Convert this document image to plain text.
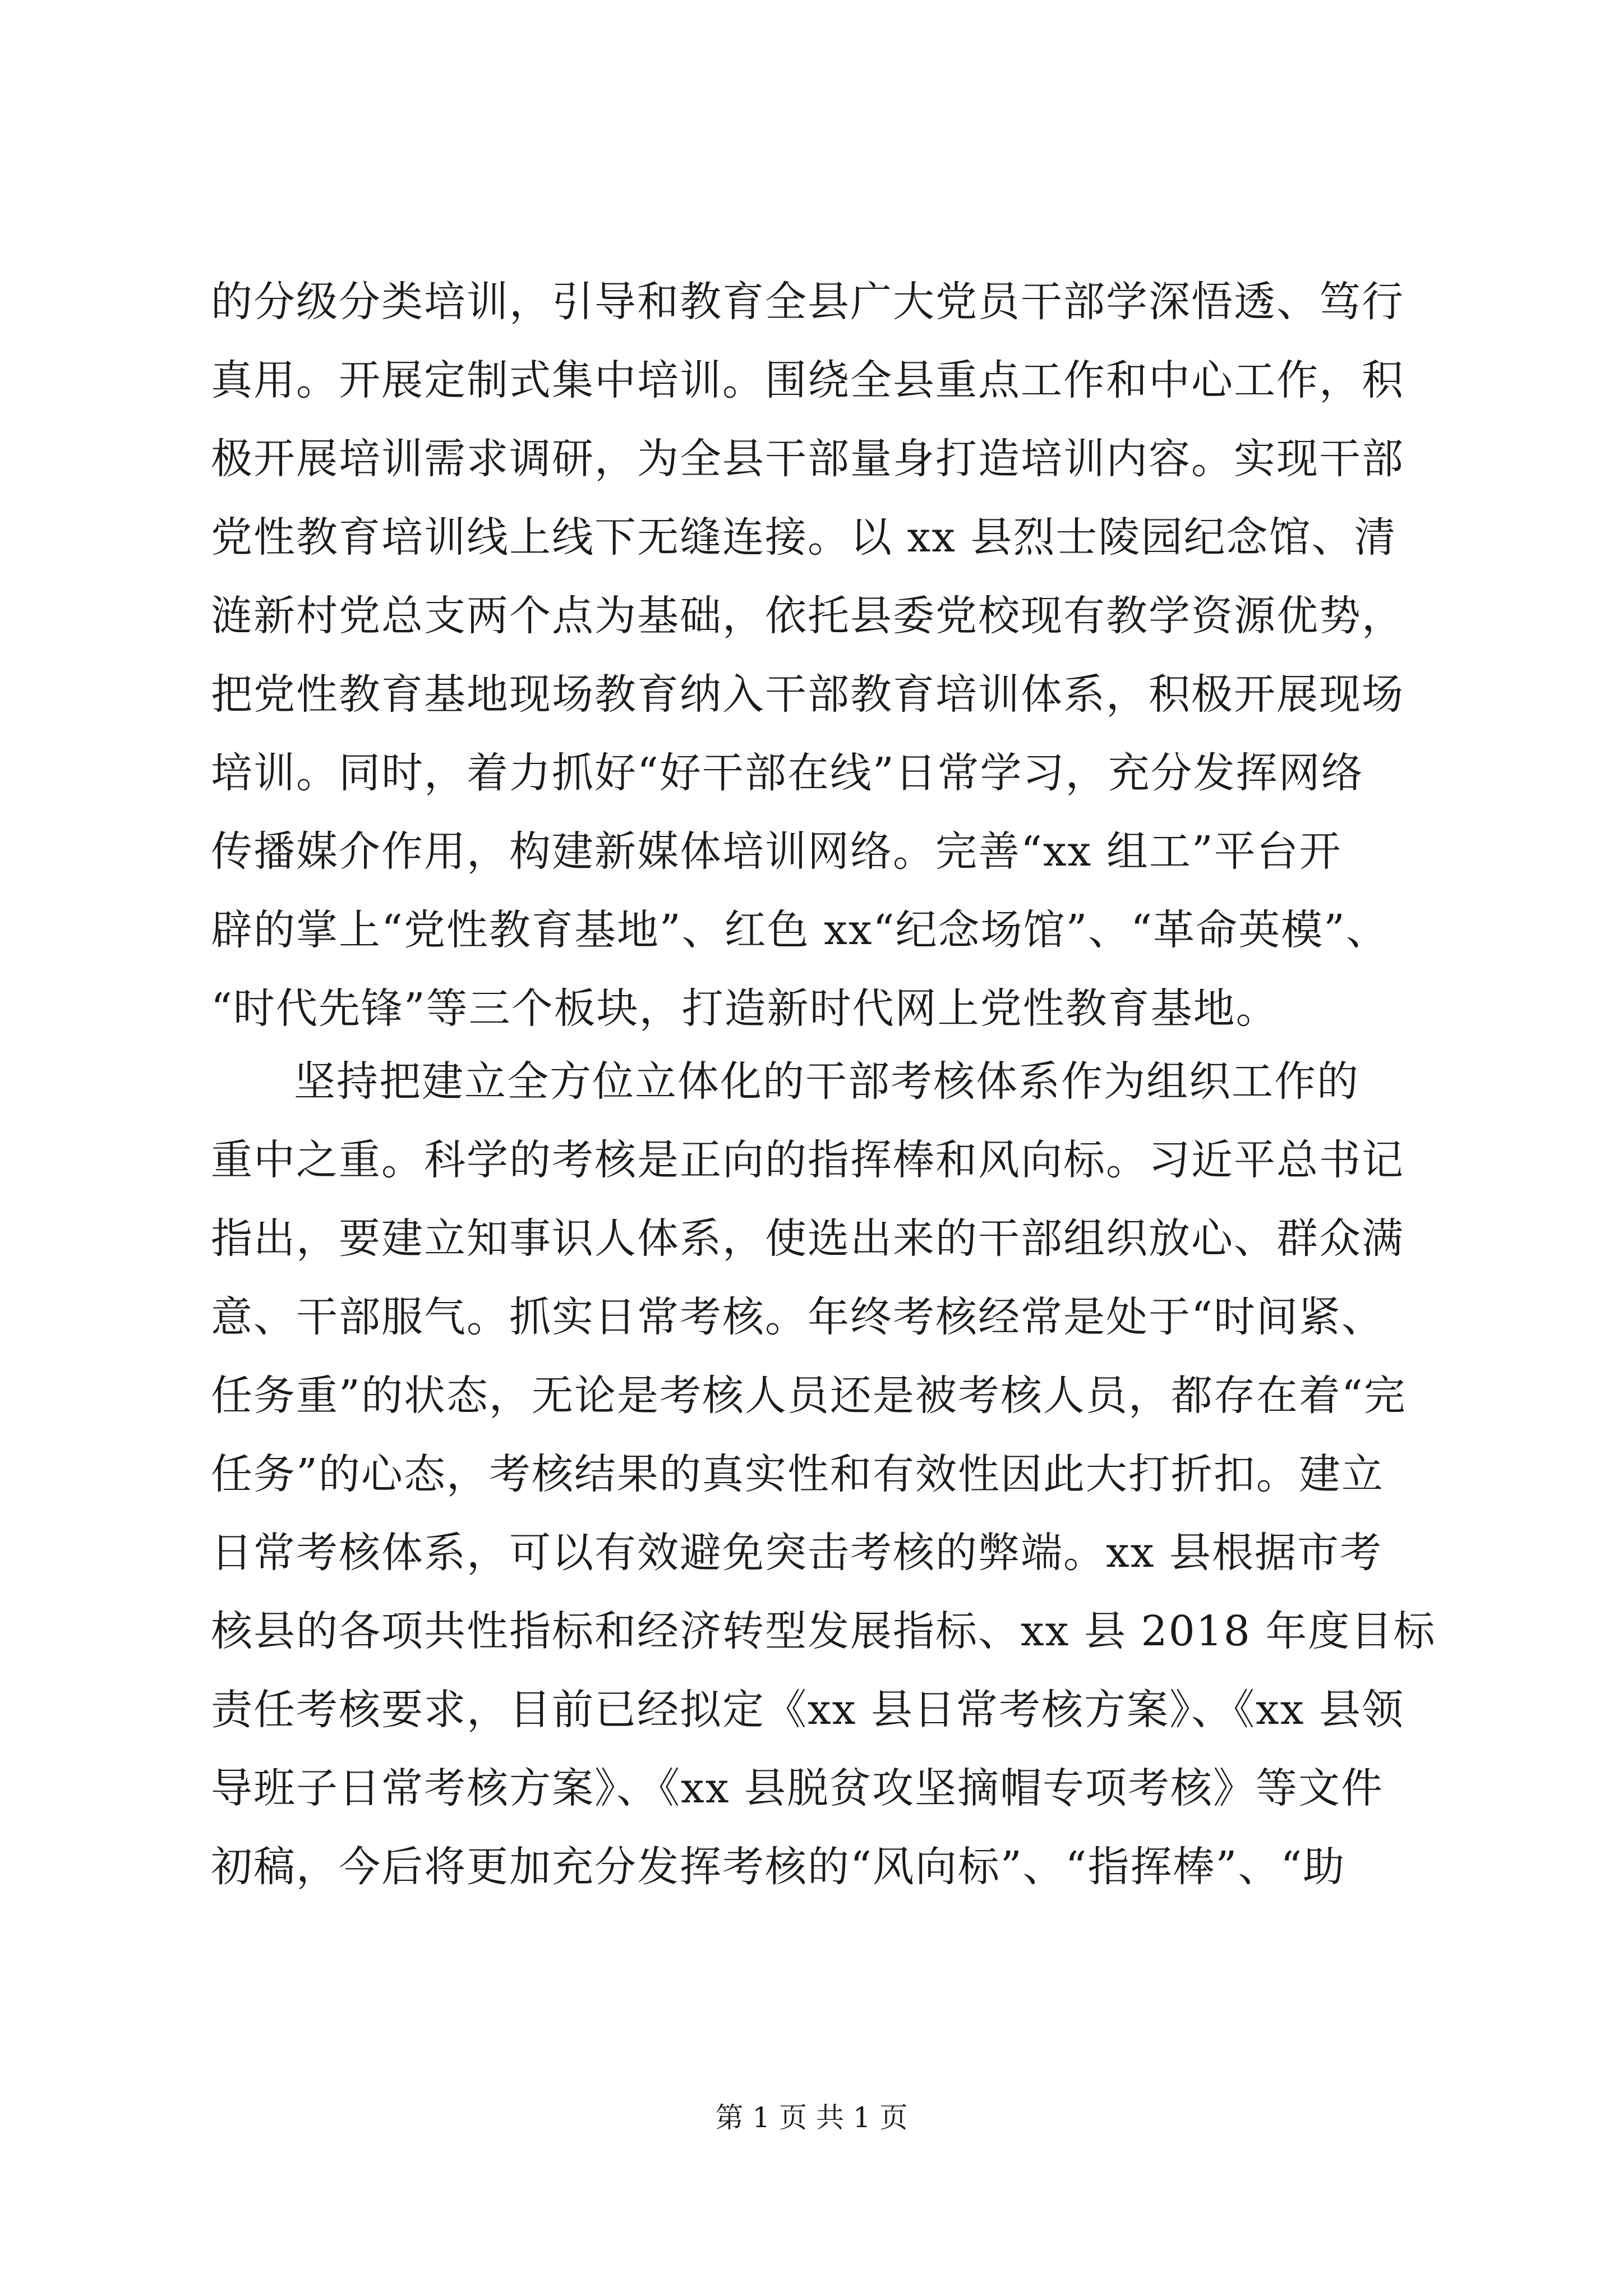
的分级分类培训，引导和教育全县广大党员干部学深悟透、笃行
真用。开展定制式集中培训。围绕全县重点工作和中心工作，积
极开展培训需求调研，为全县干部量身打造培训内容。实现干部
党性教育培训线上线下无缝连接。以 xx 县烈士陵园纪念馆、清
涟新村党总支两个点为基础，依托县委党校现有教学资源优势，
把党性教育基地现场教育纳入干部教育培训体系，积极开展现场
培训。同时，着力抓好“好干部在线”日常学习，充分发挥网络
传播媒介作用，构建新媒体培训网络。完善“xx 组工”平台开
辟的掌上“党性教育基地”、红色 xx“纪念场馆”、“革命英模”、
“时代先锋”等三个板块，打造新时代网上党性教育基地。
坚持把建立全方位立体化的干部考核体系作为组织工作的
重中之重。科学的考核是正向的指挥棒和风向标。习近平总书记
指出，要建立知事识人体系，使选出来的干部组织放心、群众满
意、干部服气。抓实日常考核。年终考核经常是处于“时间紧、
任务重”的状态，无论是考核人员还是被考核人员，都存在着“完
任务”的心态，考核结果的真实性和有效性因此大打折扣。建立
日常考核体系，可以有效避免突击考核的弊端。xx 县根据市考
核县的各项共性指标和经济转型发展指标、xx 县 2018 年度目标
责任考核要求，目前已经拟定《xx 县日常考核方案》、《xx 县领
导班子日常考核方案》、《xx 县脱贫攻坚摘帽专项考核》等文件
初稿，今后将更加充分发挥考核的“风向标”、“指挥棒”、“助
第 1 页 共 1 页
